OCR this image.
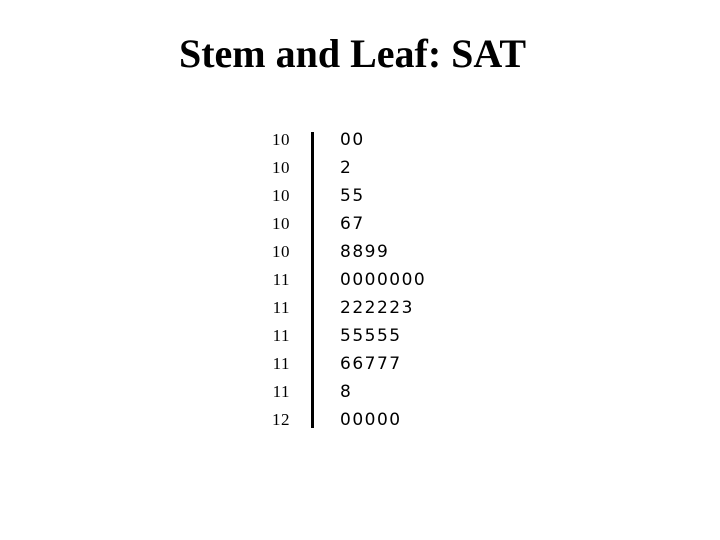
Stem and Leaf: SAT
10	00
10	2
10	55
10	67
10	8899
11	0000000
11	222223
11	55555
11	66777
11	8
12	00000
